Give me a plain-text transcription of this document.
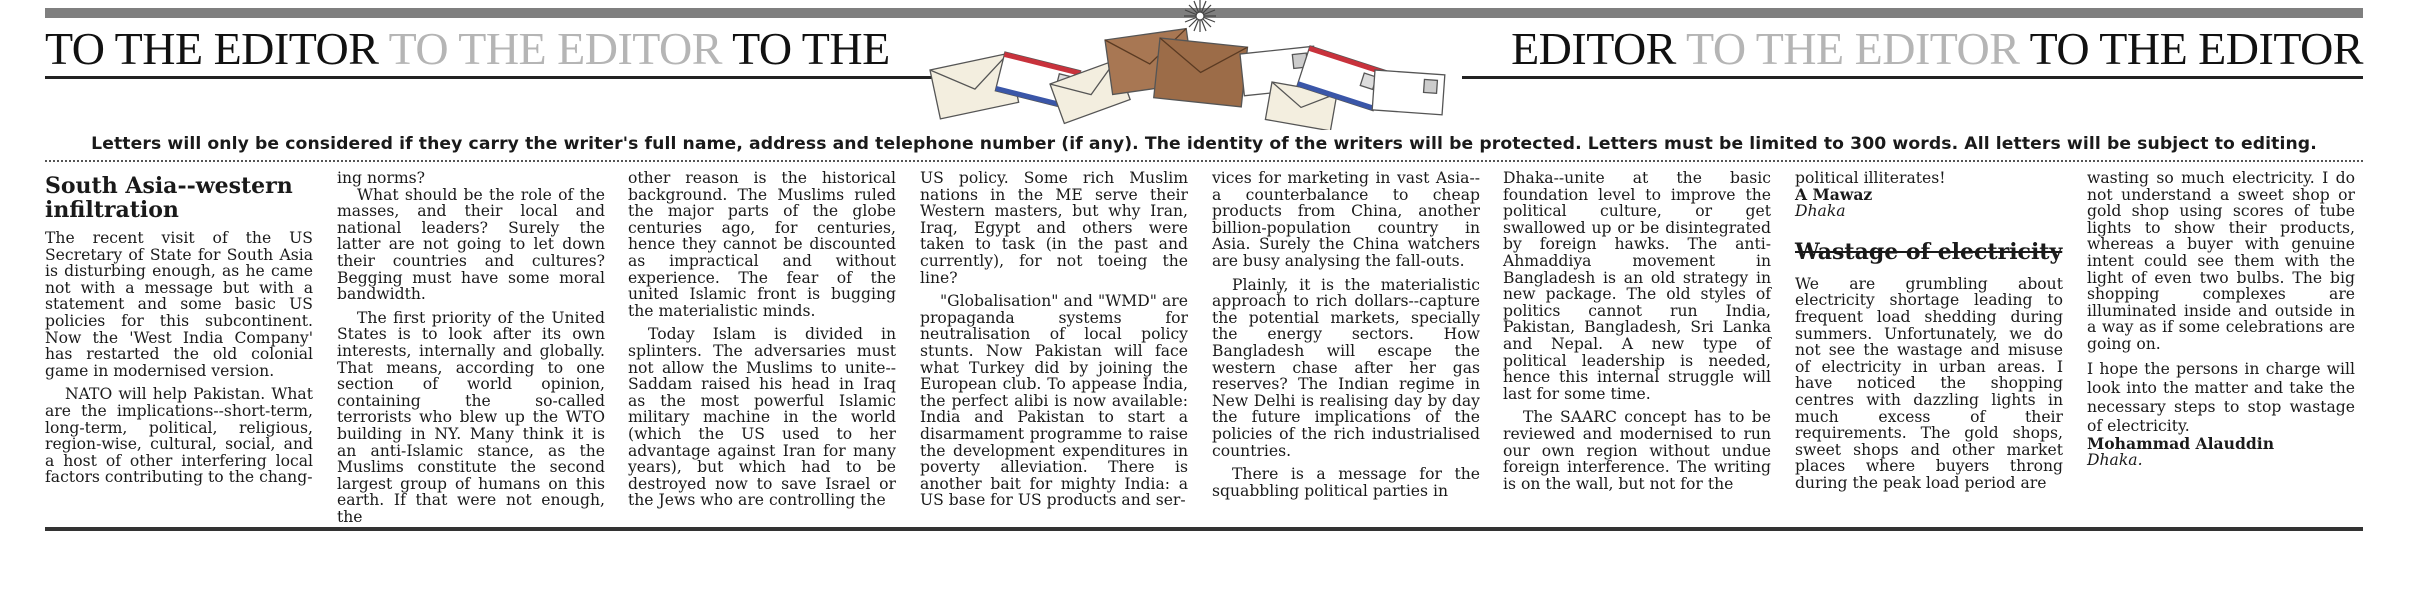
TO THE EDITOR TO THE EDITOR TO THE	EDITOR TO THE EDITOR TO THE EDITOR
Letters will only be considered if they carry the writer's full name, address and telephone number (if any). The identity of the writers will be protected. Letters must be limited to 300 words. All letters will be subject to editing.
South Asia--western infiltration

The recent visit of the US Secretary of State for South Asia is disturbing enough, as he came not with a message but with a statement and some basic US policies for this subcontinent. Now the 'West India Company' has restarted the old colonial game in modernised version.

NATO will help Pakistan. What are the implications--short-term, long-term, political, religious, region-wise, cultural, social, and a host of other interfering local factors contributing to the chang-

ing norms?

What should be the role of the masses, and their local and national leaders? Surely the latter are not going to let down their countries and cultures? Begging must have some moral bandwidth.

The first priority of the United States is to look after its own interests, internally and globally. That means, according to one section of world opinion, containing the so-called terrorists who blew up the WTO building in NY. Many think it is an anti-Islamic stance, as the Muslims constitute the second largest group of humans on this earth. If that were not enough, the

other reason is the historical background. The Muslims ruled the major parts of the globe centuries ago, for centuries, hence they cannot be discounted as impractical and without experience. The fear of the united Islamic front is bugging the materialistic minds.

Today Islam is divided in splinters. The adversaries must not allow the Muslims to unite--Saddam raised his head in Iraq as the most powerful Islamic military machine in the world (which the US used to her advantage against Iran for many years), but which had to be destroyed now to save Israel or the Jews who are controlling the

US policy. Some rich Muslim nations in the ME serve their Western masters, but why Iran, Iraq, Egypt and others were taken to task (in the past and currently), for not toeing the line?

"Globalisation" and "WMD" are propaganda systems for neutralisation of local policy stunts. Now Pakistan will face what Turkey did by joining the European club. To appease India, the perfect alibi is now available: India and Pakistan to start a disarmament programme to raise the development expenditures in poverty alleviation. There is another bait for mighty India: a US base for US products and ser-

vices for marketing in vast Asia--a counterbalance to cheap products from China, another billion-population country in Asia. Surely the China watchers are busy analysing the fall-outs.

Plainly, it is the materialistic approach to rich dollars--capture the potential markets, specially the energy sectors. How Bangladesh will escape the western chase after her gas reserves? The Indian regime in New Delhi is realising day by day the future implications of the policies of the rich industrialised countries.

There is a message for the squabbling political parties in

Dhaka--unite at the basic foundation level to improve the political culture, or get swallowed up or be disintegrated by foreign hawks. The anti-Ahmaddiya movement in Bangladesh is an old strategy in new package. The old styles of politics cannot run India, Pakistan, Bangladesh, Sri Lanka and Nepal. A new type of political leadership is needed, hence this internal struggle will last for some time.

The SAARC concept has to be reviewed and modernised to run our own region without undue foreign interference. The writing is on the wall, but not for the

political illiterates!

A Mawaz
Dhaka
Wastage of electricity

We are grumbling about electricity shortage leading to frequent load shedding during summers. Unfortunately, we do not see the wastage and misuse of electricity in urban areas. I have noticed the shopping centres with dazzling lights in much excess of their requirements. The gold shops, sweet shops and other market places where buyers throng during the peak load period are

wasting so much electricity. I do not understand a sweet shop or gold shop using scores of tube lights to show their products, whereas a buyer with genuine intent could see them with the light of even two bulbs. The big shopping complexes are illuminated inside and outside in a way as if some celebrations are going on.

I hope the persons in charge will look into the matter and take the necessary steps to stop wastage of electricity.

Mohammad Alauddin
Dhaka.
